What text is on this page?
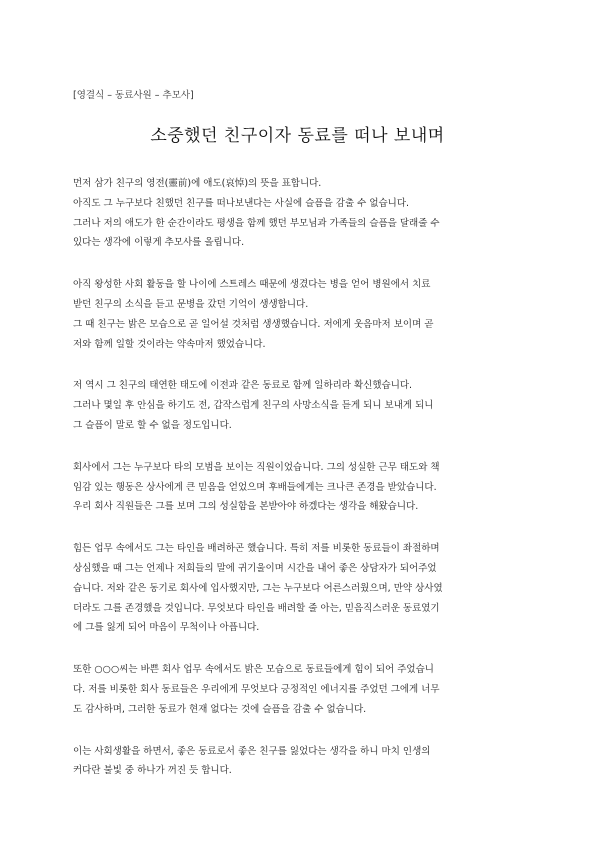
[영결식 – 동료사원 – 추모사]
소중했던 친구이자 동료를 떠나 보내며
먼저 삼가 친구의 영전(靈前)에 애도(哀悼)의 뜻을 표합니다.
아직도 그 누구보다 친했던 친구를 떠나보낸다는 사실에 슬픔을 감출 수 없습니다.
그러나 저의 애도가 한 순간이라도 평생을 함께 했던 부모님과 가족들의 슬픔을 달래줄 수
있다는 생각에 이렇게 추모사를 올립니다.
아직 왕성한 사회 활동을 할 나이에 스트레스 때문에 생겼다는 병을 얻어 병원에서 치료
받던 친구의 소식을 듣고 문병을 갔던 기억이 생생합니다.
그 때 친구는 밝은 모습으로 곧 일어설 것처럼 생생했습니다. 저에게 웃음마저 보이며 곧
저와 함께 일할 것이라는 약속마저 했었습니다.
저 역시 그 친구의 태연한 태도에 이전과 같은 동료로 함께 일하리라 확신했습니다.
그러나 몇일 후 안심을 하기도 전, 갑작스럽게 친구의 사망소식을 듣게 되니 보내게 되니
그 슬픔이 말로 할 수 없을 정도입니다.
회사에서 그는 누구보다 타의 모범을 보이는 직원이었습니다. 그의 성실한 근무 태도와 책
임감 있는 행동은 상사에게 큰 믿음을 얻었으며 후배들에게는 크나큰 존경을 받았습니다.
우리 회사 직원들은 그를 보며 그의 성실함을 본받아야 하겠다는 생각을 해왔습니다.
힘든 업무 속에서도 그는 타인을 배려하곤 했습니다. 특히 저를 비롯한 동료들이 좌절하며
상심했을 때 그는 언제나 저희들의 말에 귀기울이며 시간을 내어 좋은 상담자가 되어주었
습니다. 저와 같은 동기로 회사에 입사했지만, 그는 누구보다 어른스러웠으며, 만약 상사였
더라도 그를 존경했을 것입니다. 무엇보다 타인을 배려할 줄 아는, 믿음직스러운 동료였기
에 그를 잃게 되어 마음이 무척이나 아픕니다.
또한 ○○○씨는 바쁜 회사 업무 속에서도 밝은 모습으로 동료들에게 힘이 되어 주었습니
다. 저를 비롯한 회사 동료들은 우리에게 무엇보다 긍정적인 에너지를 주었던 그에게 너무
도 감사하며, 그러한 동료가 현재 없다는 것에 슬픔을 감출 수 없습니다.
이는 사회생활을 하면서, 좋은 동료로서 좋은 친구를 잃었다는 생각을 하니 마치 인생의
커다란 불빛 중 하나가 꺼진 듯 합니다.
